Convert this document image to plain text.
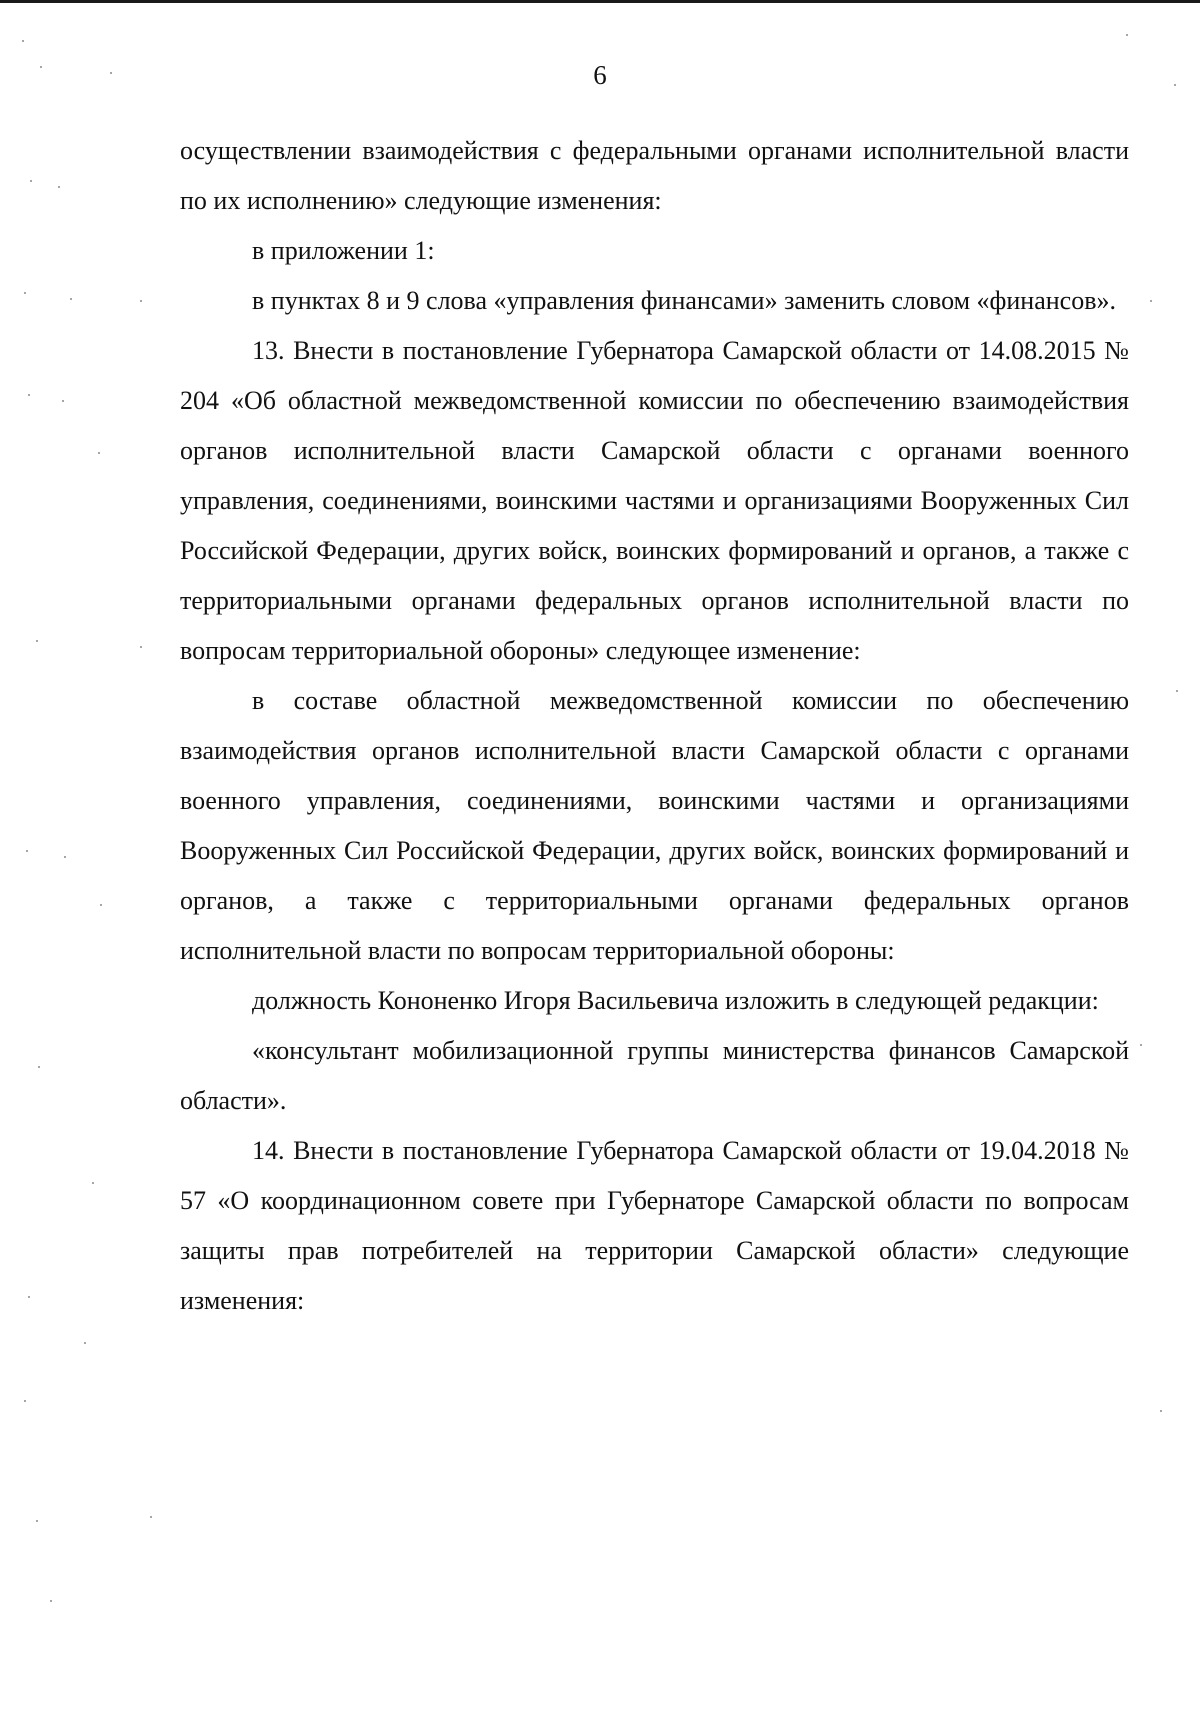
6

осуществлении взаимодействия с федеральными органами исполнительной власти по их исполнению» следующие изменения:

в приложении 1:

в пунктах 8 и 9 слова «управления финансами» заменить словом «финансов».

13. Внести в постановление Губернатора Самарской области от 14.08.2015 № 204 «Об областной межведомственной комиссии по обеспечению взаимодействия органов исполнительной власти Самарской области с органами военного управления, соединениями, воинскими частями и организациями Вооруженных Сил Российской Федерации, других войск, воинских формирований и органов, а также с территориальными органами федеральных органов исполнительной власти по вопросам территориальной обороны» следующее изменение:

в составе областной межведомственной комиссии по обеспечению взаимодействия органов исполнительной власти Самарской области с органами военного управления, соединениями, воинскими частями и организациями Вооруженных Сил Российской Федерации, других войск, воинских формирований и органов, а также с территориальными органами федеральных органов исполнительной власти по вопросам территориальной обороны:

должность Кононенко Игоря Васильевича изложить в следующей редакции:

«консультант мобилизационной группы министерства финансов Самарской области».

14. Внести в постановление Губернатора Самарской области от 19.04.2018 № 57 «О координационном совете при Губернаторе Самарской области по вопросам защиты прав потребителей на территории Самарской области» следующие изменения:
